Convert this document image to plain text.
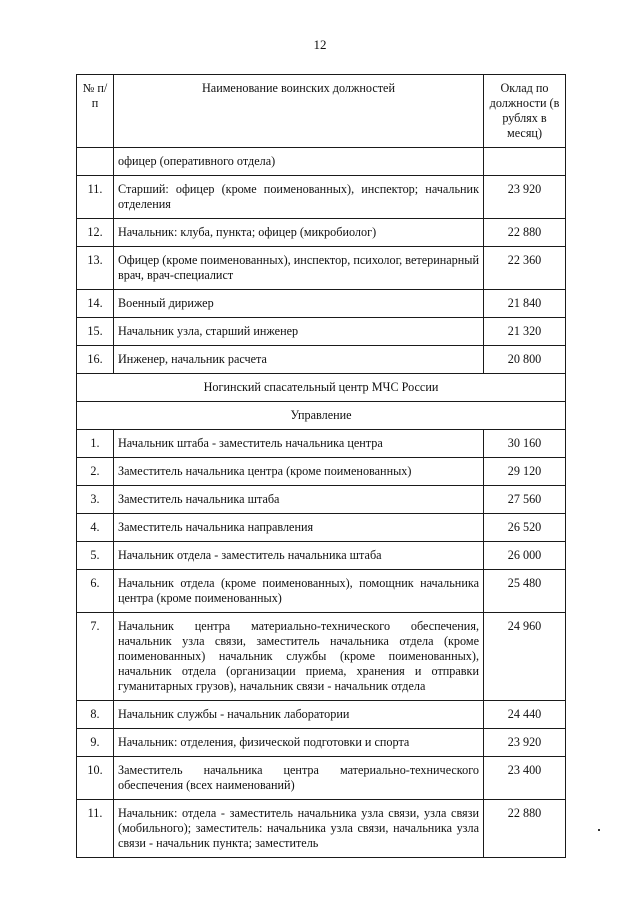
12
№ п/п	Наименование воинских должностей	Оклад по должности (в рублях в месяц)
	офицер (оперативного отдела)	
11.	Старший: офицер (кроме поименованных), инспектор; начальник отделения	23 920
12.	Начальник: клуба, пункта; офицер (микробиолог)	22 880
13.	Офицер (кроме поименованных), инспектор, психолог, ветеринарный врач, врач-специалист	22 360
14.	Военный дирижер	21 840
15.	Начальник узла, старший инженер	21 320
16.	Инженер, начальник расчета	20 800
Ногинский спасательный центр МЧС России		
Управление		
1.	Начальник штаба - заместитель начальника центра	30 160
2.	Заместитель начальника центра (кроме поименованных)	29 120
3.	Заместитель начальника штаба	27 560
4.	Заместитель начальника направления	26 520
5.	Начальник отдела - заместитель начальника штаба	26 000
6.	Начальник отдела (кроме поименованных), помощник начальника центра (кроме поименованных)	25 480
7.	Начальник центра материально-технического обеспечения, начальник узла связи, заместитель начальника отдела (кроме поименованных) начальник службы (кроме поименованных), начальник отдела (организации приема, хранения и отправки гуманитарных грузов), начальник связи - начальник отдела	24 960
8.	Начальник службы - начальник лаборатории	24 440
9.	Начальник: отделения, физической подготовки и спорта	23 920
10.	Заместитель начальника центра материально-технического обеспечения (всех наименований)	23 400
11.	Начальник: отдела - заместитель начальника узла связи, узла связи (мобильного); заместитель: начальника узла связи, начальника узла связи - начальник пункта; заместитель	22 880
